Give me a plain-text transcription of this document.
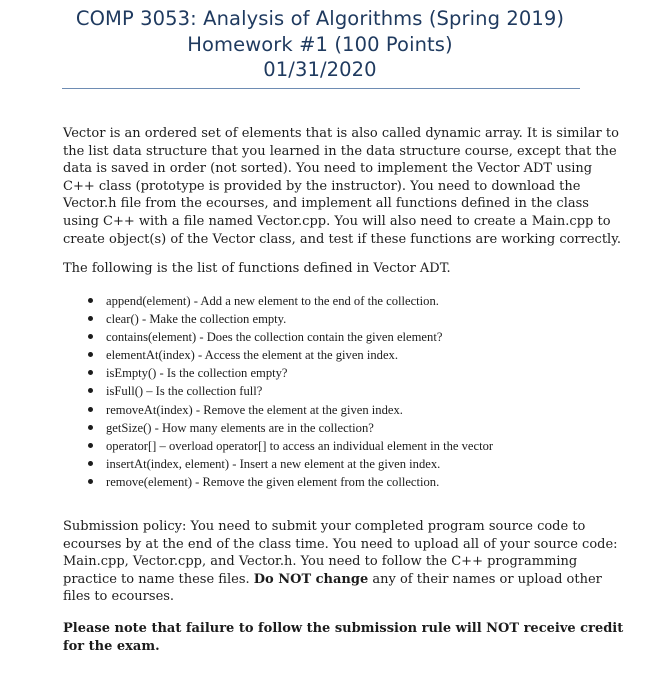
COMP 3053: Analysis of Algorithms (Spring 2019)
Homework #1 (100 Points)
01/31/2020
Vector is an ordered set of elements that is also called dynamic array. It is similar to
the list data structure that you learned in the data structure course, except that the
data is saved in order (not sorted). You need to implement the Vector ADT using
C++ class (prototype is provided by the instructor). You need to download the
Vector.h file from the ecourses, and implement all functions defined in the class
using C++ with a file named Vector.cpp. You will also need to create a Main.cpp to
create object(s) of the Vector class, and test if these functions are working correctly.
The following is the list of functions defined in Vector ADT.
append(element) - Add a new element to the end of the collection.
clear() - Make the collection empty.
contains(element) - Does the collection contain the given element?
elementAt(index) - Access the element at the given index.
isEmpty() - Is the collection empty?
isFull() – Is the collection full?
removeAt(index) - Remove the element at the given index.
getSize() - How many elements are in the collection?
operator[] – overload operator[] to access an individual element in the vector
insertAt(index, element) - Insert a new element at the given index.
remove(element) - Remove the given element from the collection.
Submission policy: You need to submit your completed program source code to
ecourses by at the end of the class time. You need to upload all of your source code:
Main.cpp, Vector.cpp, and Vector.h. You need to follow the C++ programming
practice to name these files. Do NOT change any of their names or upload other
files to ecourses.
Please note that failure to follow the submission rule will NOT receive credit
for the exam.
